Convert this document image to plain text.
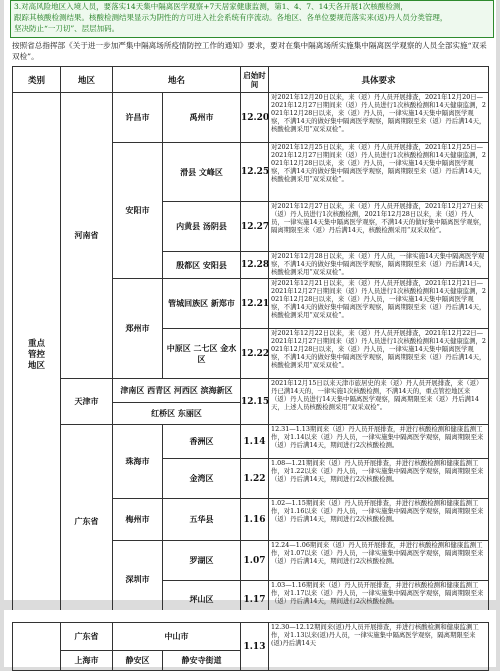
3.对高风险地区入境人员，要落实14天集中隔离医学观察+7天居家健康监测，第1、4、7、14天各开展1次核酸检测，
跟踪其核酸检测结果。核酸检测结果显示为阴性的方可进入社会系统有序流动。各地区、各单位要规范落实来(返)丹人员分类管理，
坚决防止“一刀切”、层层加码。
按照省总指挥部《关于进一步加严集中隔离场所疫情防控工作的通知》要求，要对在集中隔离场所实施集中隔离医学观察的人员全部实施“双采双检”。
类别	地区	地名		启始时间	具体要求
重点管控地区	河南省	许昌市	禹州市	12.20	对2021年12月20日以来，来（返）丹人员开展排查，2021年12月20日—2021年12月27日期间来（返）丹人员进行1次核酸检测和14天健康监测，2021年12月28日以来，来（返）丹人员，一律实施14天集中隔离医学观察，不满14天的做好集中隔离医学观察，隔离期限至来（返）丹后满14天，核酸检测采用“双采双检”。
		安阳市	滑县 文峰区	12.25	对2021年12月25日以来，来（返）丹人员开展排查，2021年12月25日—2021年12月27日期间来（返）丹人员进行1次核酸检测和14天健康监测，2021年12月28日以来，来（返）丹人员，一律实施14天集中隔离医学观察，不满14天的做好集中隔离医学观察，隔离期限至来（返）丹后满14天，核酸检测采用“双采双检”。
			内黄县 汤阴县	12.27	对2021年12月27日以来，来（返）丹人员开展排查，2021年12月27日来（返）丹人员进行1次核酸检测，2021年12月28日以来，来（返）丹人员，一律实施14天集中隔离医学观察，不满14天的做好集中隔离医学观察，隔离期限至来（返）丹后满14天，核酸检测采用“双采双检”。
			殷都区 安阳县	12.28	对2021年12月28日以来，来（返）丹人员，一律实施14天集中隔离医学观察，不满14天的做好集中隔离医学观察，隔离期限至来（返）丹后满14天，核酸检测采用“双采双检”。
		郑州市	管城回族区 新郑市	12.21	对2021年12月21日以来，来（返）丹人员开展排查，2021年12月21日—2021年12月27日期间来（返）丹人员进行1次核酸检测和14天健康监测，2021年12月28日以来，来（返）丹人员，一律实施14天集中隔离医学观察，不满14天的做好集中隔离医学观察，隔离期限至来（返）丹后满14天，核酸检测采用“双采双检”。
			中原区 二七区 金水区	12.22	对2021年12月22日以来，来（返）丹人员开展排查，2021年12月22日—2021年12月27日期间来（返）丹人员进行1次核酸检测和14天健康监测，2021年12月28日以来，来（返）丹人员，一律实施14天集中隔离医学观察，不满14天的做好集中隔离医学观察，隔离期限至来（返）丹后满14天，核酸检测采用“双采双检”。
	天津市	津南区 西青区 河西区 滨海新区		12.15	2021年12月15日以来天津市旅居史的来（返）丹人员开展排查，来（返）丹已满14天的，一律实施1次核酸检测，不满14天的，重点管控地区来（返）丹人员进行14天集中隔离医学观察，隔离期限至来（返）丹后满14天，上述人员核酸检测采用“双采双检”。
		红桥区 东丽区			
	广东省	珠海市	香洲区	1.14	12.31—1.13期间来（返）丹人员开展排查，并进行核酸检测和健康监测工作，对1.14以来（返）丹人员，一律实施集中隔离医学观察，隔离期限至来（返）丹后满14天，期间进行2次核酸检测。
			金湾区	1.22	1.08—1.21期间来（返）丹人员开展排查，并进行核酸检测和健康监测工作，对1.22以来（返）丹人员，一律实施集中隔离医学观察，隔离期限至来（返）丹后满14天，期间进行2次核酸检测。
		梅州市	五华县	1.16	1.02—1.15期间来（返）丹人员开展排查，并进行核酸检测和健康监测工作，对1.16以来（返）丹人员，一律实施集中隔离医学观察，隔离期限至来（返）丹后满14天，期间进行2次核酸检测。
		深圳市	罗湖区	1.07	12.24—1.06期间来（返）丹人员开展排查，并进行核酸检测和健康监测工作，对1.07以来（返）丹人员，一律实施集中隔离医学观察，隔离期限至来（返）丹后满14天，期间进行2次核酸检测。
			坪山区	1.17	1.03—1.16期间来（返）丹人员开展排查，并进行核酸检测和健康监测工作，对1.17以来（返）丹人员，一律实施集中隔离医学观察，隔离期限至来（返）丹后满14天，期间进行2次核酸检测。
	广东省	中山市		1.13	12.30—12.12期间来(返)丹人员开展排查，并进行核酸检测和健康监测工作，对1.13以来(返)丹人员，一律实施集中隔离医学观察，隔离期限至来(返)丹后满14天
	上海市	静安区	静安寺街道		
